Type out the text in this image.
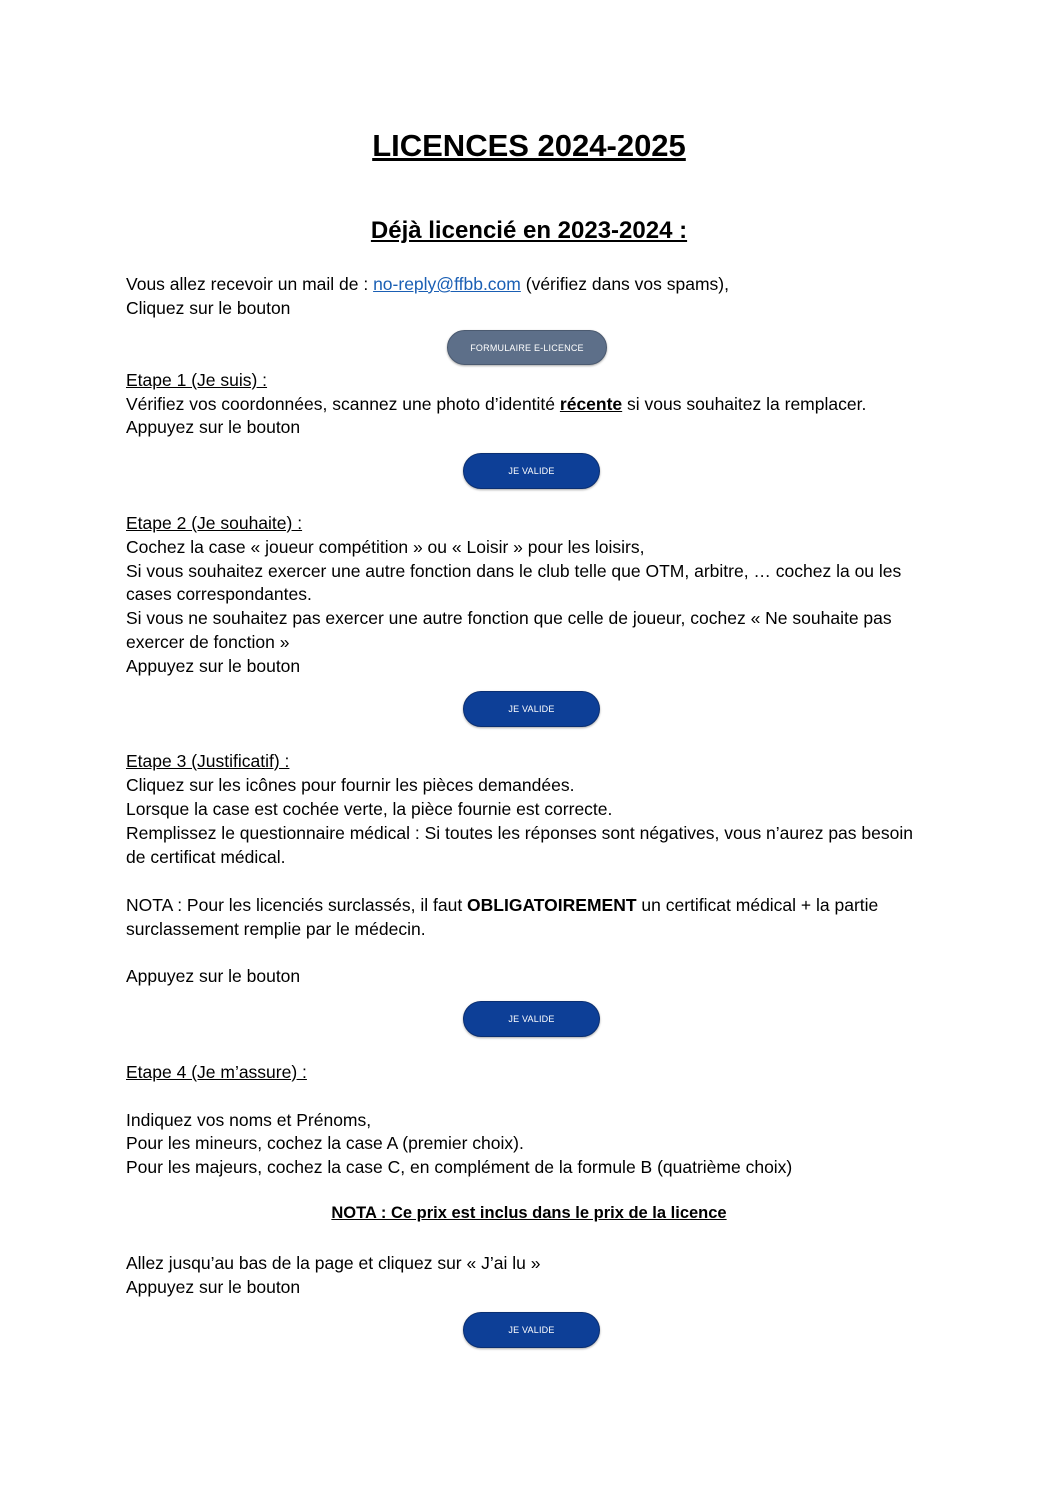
LICENCES 2024-2025
Déjà licencié en 2023-2024 :
Vous allez recevoir un mail de : no-reply@ffbb.com (vérifiez dans vos spams),
Cliquez sur le bouton
FORMULAIRE E-LICENCE
Etape 1 (Je suis) :
Vérifiez vos coordonnées, scannez une photo d’identité récente si vous souhaitez la remplacer.
Appuyez sur le bouton
JE VALIDE
Etape 2 (Je souhaite) :
Cochez la case « joueur compétition » ou « Loisir » pour les loisirs,
Si vous souhaitez exercer une autre fonction dans le club telle que OTM, arbitre, … cochez la ou les
cases correspondantes.
Si vous ne souhaitez pas exercer une autre fonction que celle de joueur, cochez « Ne souhaite pas
exercer de fonction »
Appuyez sur le bouton
JE VALIDE
Etape 3 (Justificatif) :
Cliquez sur les icônes pour fournir les pièces demandées.
Lorsque la case est cochée verte, la pièce fournie est correcte.
Remplissez le questionnaire médical : Si toutes les réponses sont négatives, vous n’aurez pas besoin
de certificat médical.
NOTA : Pour les licenciés surclassés, il faut OBLIGATOIREMENT un certificat médical + la partie
surclassement remplie par le médecin.
Appuyez sur le bouton
JE VALIDE
Etape 4 (Je m’assure) :
Indiquez vos noms et Prénoms,
Pour les mineurs, cochez la case A (premier choix).
Pour les majeurs, cochez la case C, en complément de la formule B (quatrième choix)
NOTA : Ce prix est inclus dans le prix de la licence
Allez jusqu’au bas de la page et cliquez sur « J’ai lu »
Appuyez sur le bouton
JE VALIDE
